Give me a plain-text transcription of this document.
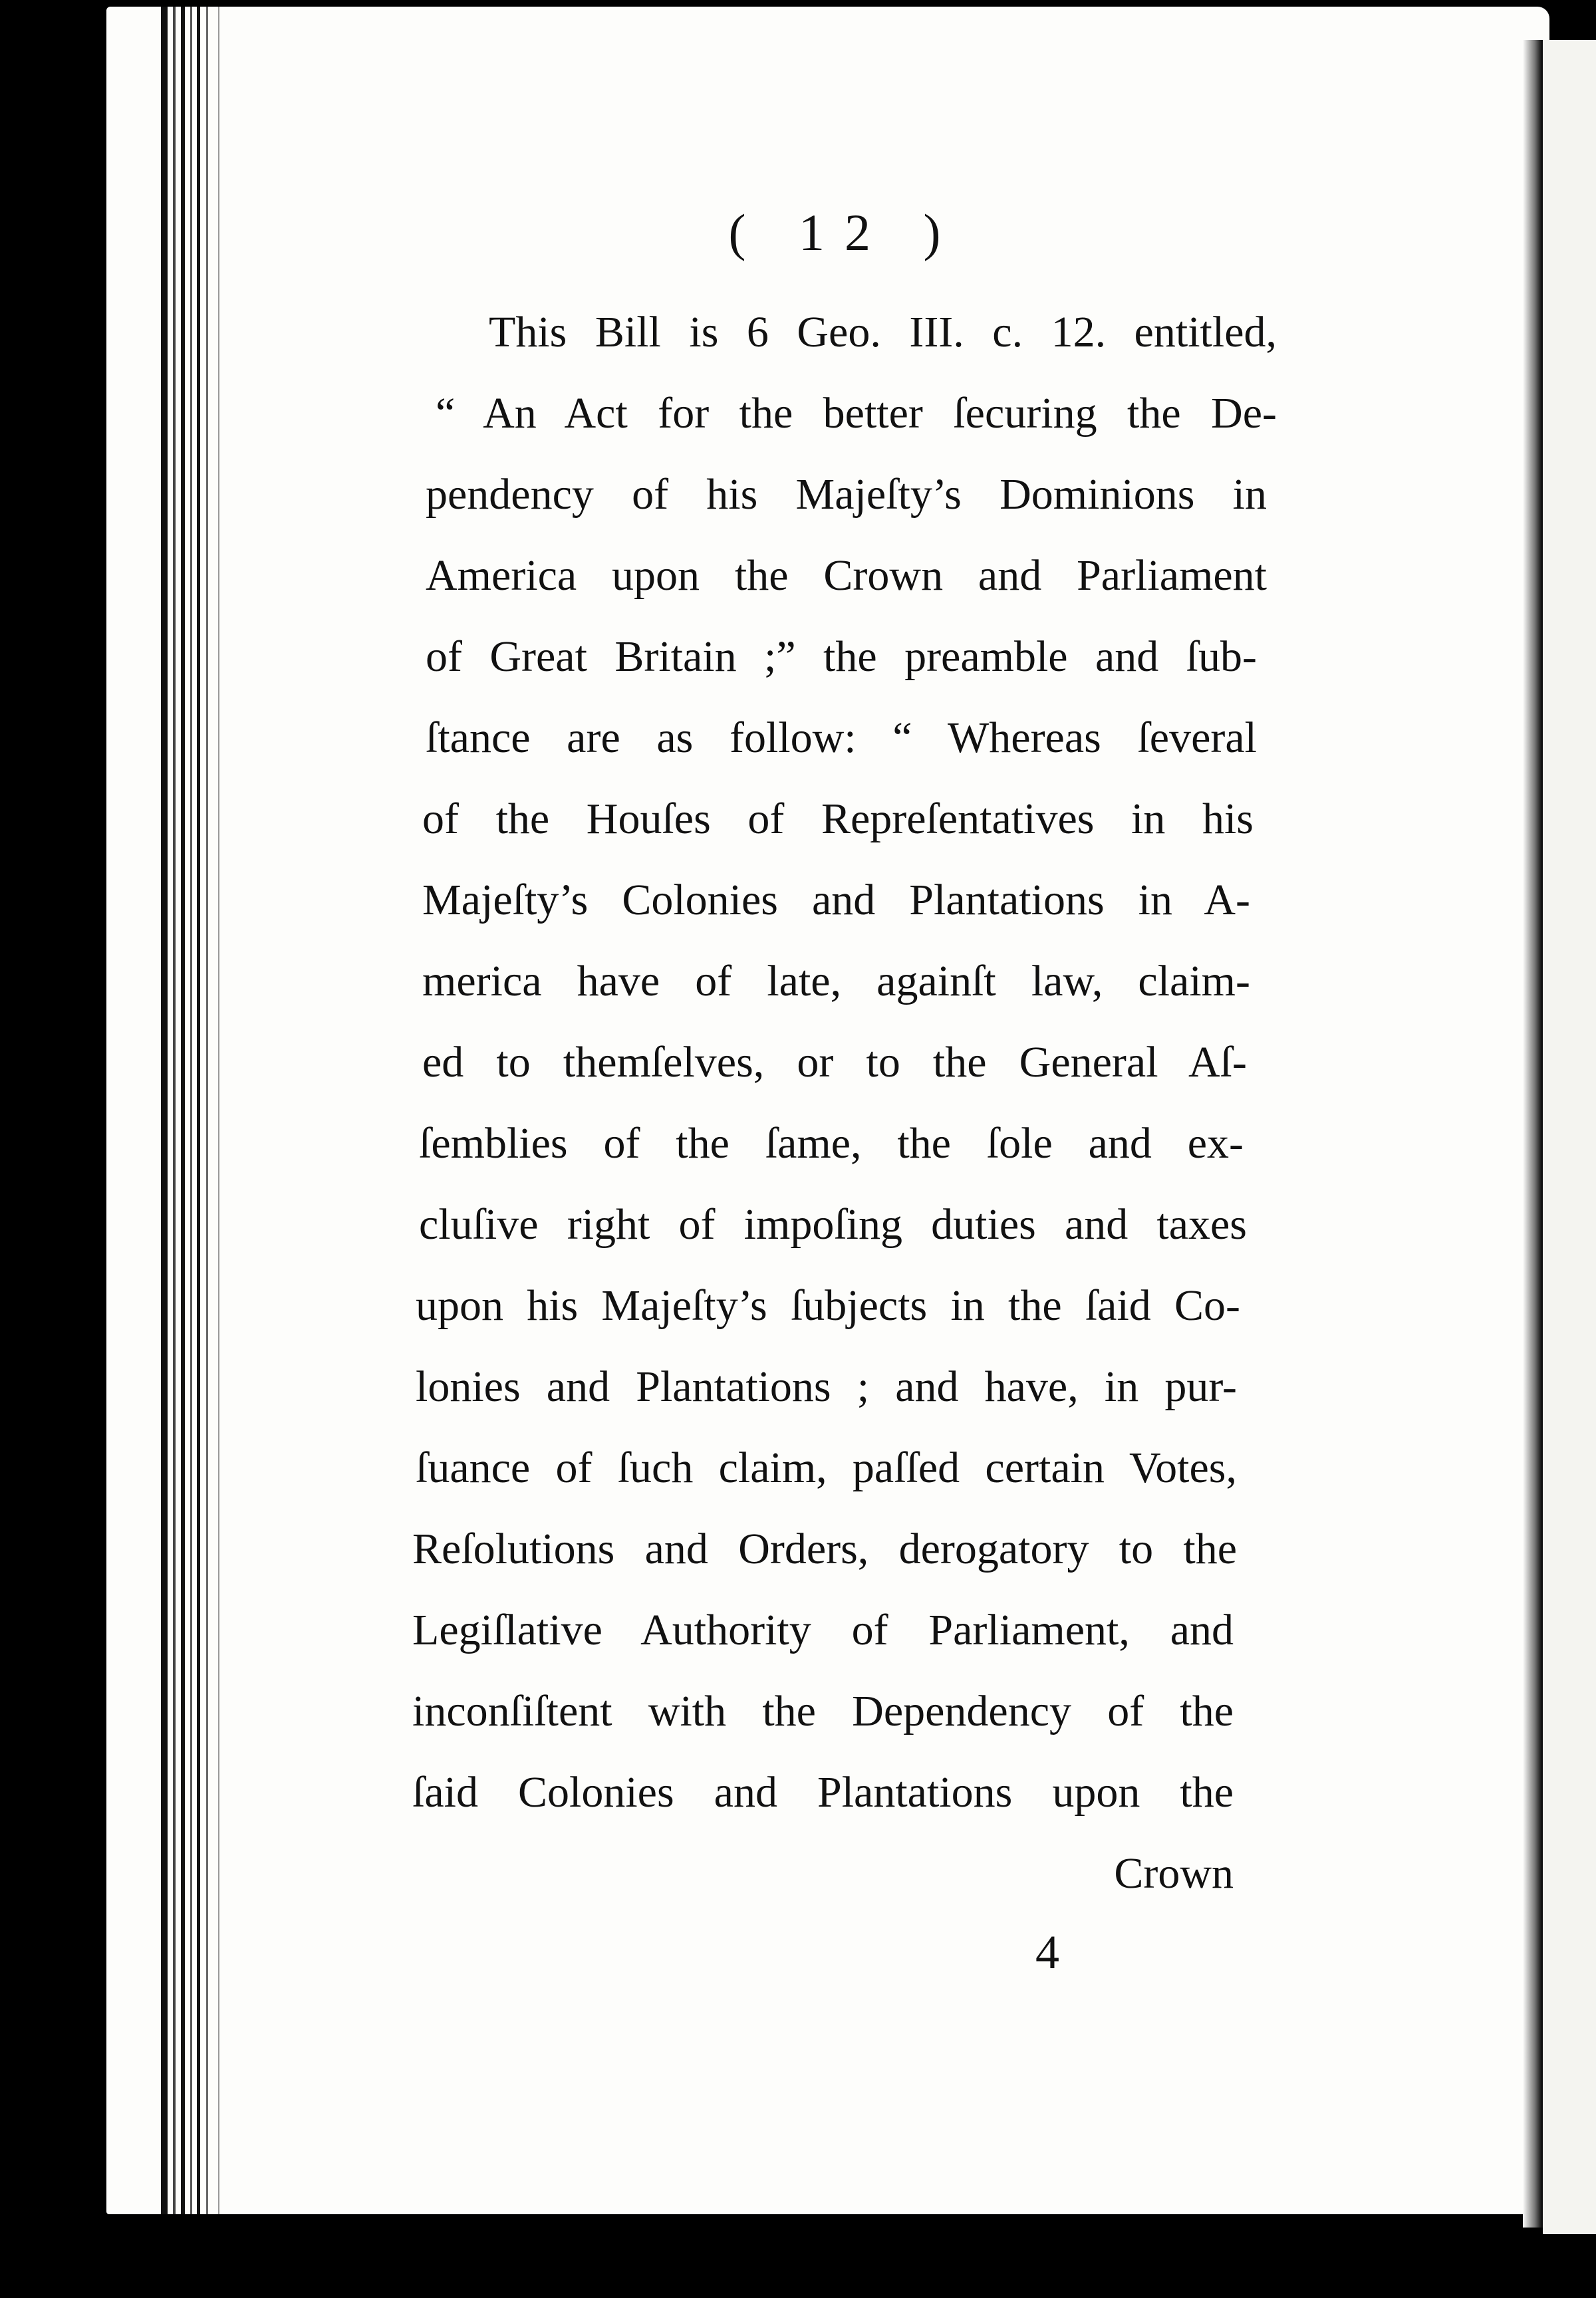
( 12 )
This Bill is 6 Geo. III. c. 12. entitled,
“ An Act for the better ſecuring the De-
pendency of his Majeſty’s Dominions in
America upon the Crown and Parliament
of Great Britain ;” the preamble and ſub-
ſtance are as follow: “ Whereas ſeveral
of the Houſes of Repreſentatives in his
Majeſty’s Colonies and Plantations in A-
merica have of late, againſt law, claim-
ed to themſelves, or to the General Aſ-
ſemblies of the ſame, the ſole and ex-
cluſive right of impoſing duties and taxes
upon his Majeſty’s ſubjects in the ſaid Co-
lonies and Plantations ; and have, in pur-
ſuance of ſuch claim, paſſed certain Votes,
Reſolutions and Orders, derogatory to the
Legiſlative Authority of Parliament, and
inconſiſtent with the Dependency of the
ſaid Colonies and Plantations upon the
Crown
4
